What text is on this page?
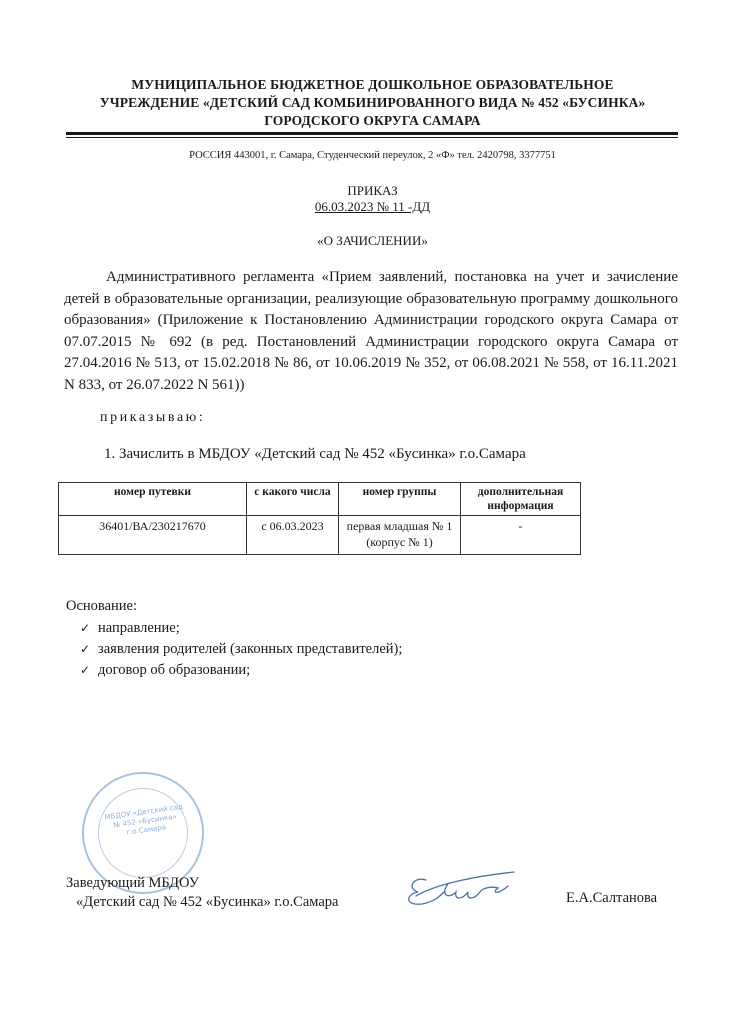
МУНИЦИПАЛЬНОЕ БЮДЖЕТНОЕ ДОШКОЛЬНОЕ ОБРАЗОВАТЕЛЬНОЕ
УЧРЕЖДЕНИЕ «ДЕТСКИЙ САД КОМБИНИРОВАННОГО ВИДА № 452 «БУСИНКА»
ГОРОДСКОГО ОКРУГА САМАРА
РОССИЯ 443001, г. Самара, Студенческий переулок, 2 «Ф» тел. 2420798, 3377751
ПРИКАЗ
06.03.2023 № 11 -ДД
«О ЗАЧИСЛЕНИИ»
Административного регламента «Прием заявлений, постановка на учет и зачисление детей в образовательные организации, реализующие образовательную программу дошкольного образования» (Приложение к Постановлению Администрации городского округа Самара от 07.07.2015 № 692 (в ред. Постановлений Администрации городского округа Самара от 27.04.2016 № 513, от 15.02.2018 № 86, от 10.06.2019 № 352, от 06.08.2021 № 558, от 16.11.2021 N 833, от 26.07.2022 N 561))
приказываю:
1. Зачислить в МБДОУ «Детский сад № 452 «Бусинка» г.о.Самара
номер путевки	с какого числа	номер группы	дополнительная информация
36401/ВА/230217670	с 06.03.2023	первая младшая № 1 (корпус № 1)	-
Основание:
✓ направление;
✓ заявления родителей (законных представителей);
✓ договор об образовании;
МБДОУ «Детский сад № 452 «Бусинка» г.о.Самара
Заведующий МБДОУ
«Детский сад № 452 «Бусинка» г.о.Самара	Е.А.Салтанова
